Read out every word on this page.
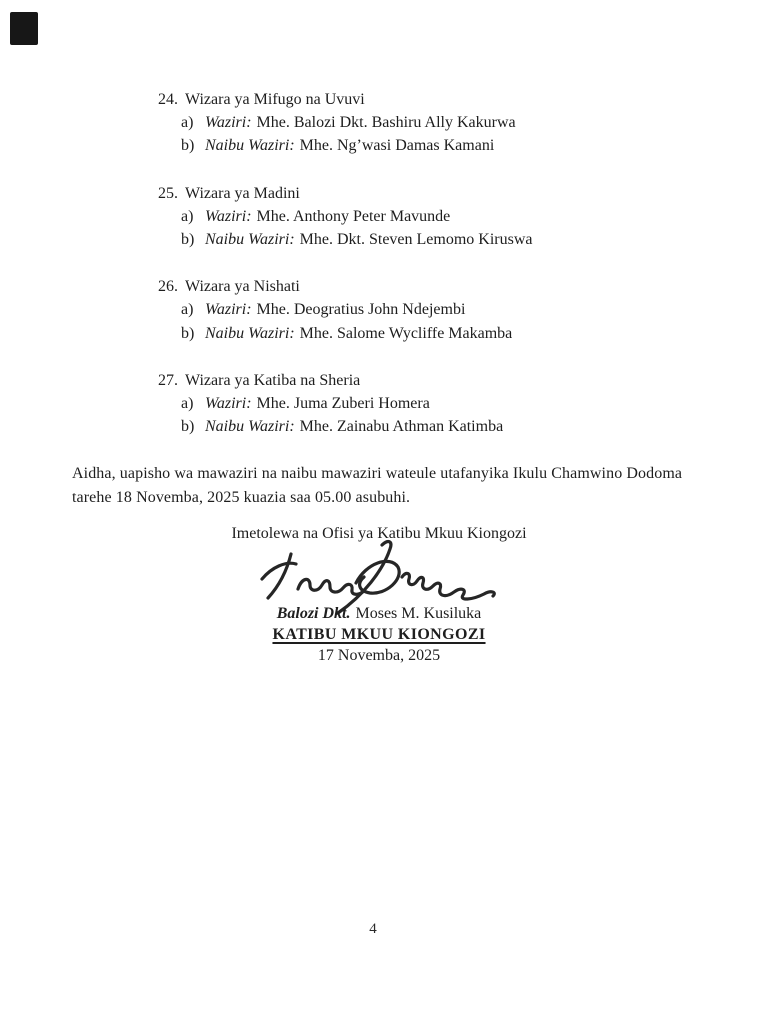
24. Wizara ya Mifugo na Uvuvi
a) Waziri: Mhe. Balozi Dkt. Bashiru Ally Kakurwa
b) Naibu Waziri: Mhe. Ng’wasi Damas Kamani
25. Wizara ya Madini
a) Waziri: Mhe. Anthony Peter Mavunde
b) Naibu Waziri: Mhe. Dkt. Steven Lemomo Kiruswa
26. Wizara ya Nishati
a) Waziri: Mhe. Deogratius John Ndejembi
b) Naibu Waziri: Mhe. Salome Wycliffe Makamba
27. Wizara ya Katiba na Sheria
a) Waziri: Mhe. Juma Zuberi Homera
b) Naibu Waziri: Mhe. Zainabu Athman Katimba
Aidha, uapisho wa mawaziri na naibu mawaziri wateule utafanyika Ikulu Chamwino Dodoma tarehe 18 Novemba, 2025 kuazia saa 05.00 asubuhi.
Imetolewa na Ofisi ya Katibu Mkuu Kiongozi
Balozi Dkt. Moses M. Kusiluka
KATIBU MKUU KIONGOZI
17 Novemba, 2025
4
